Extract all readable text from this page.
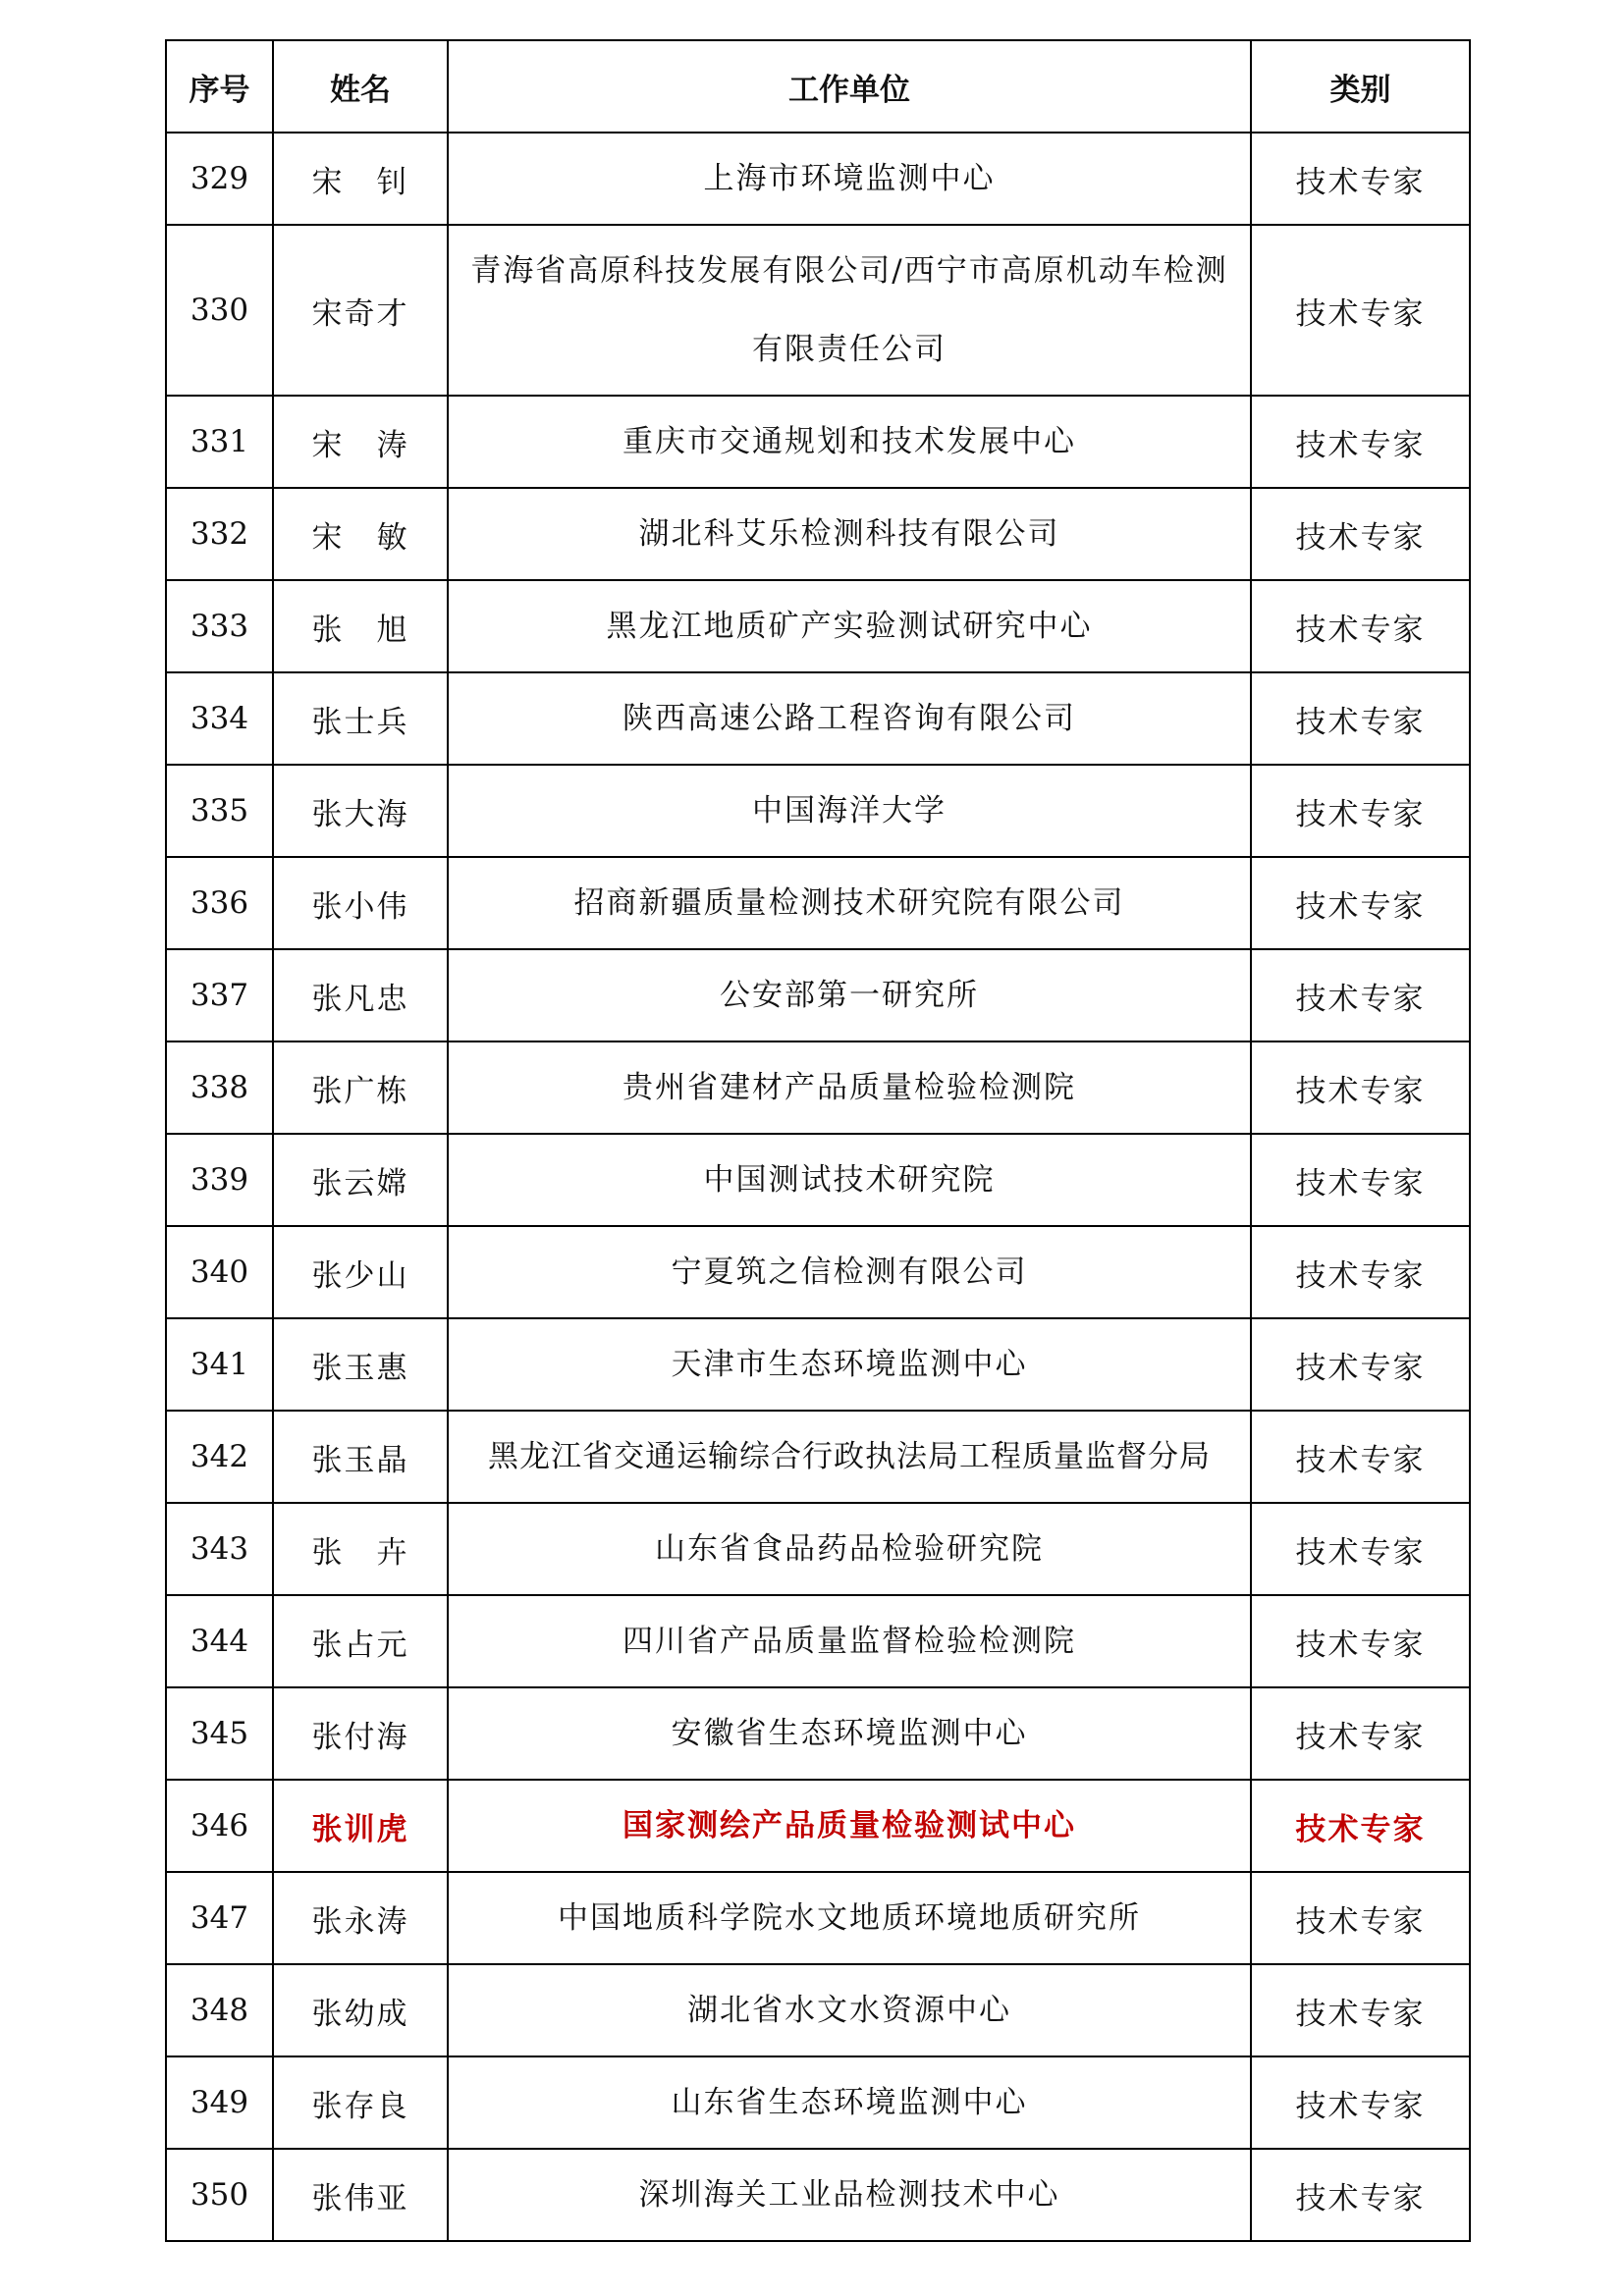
序号	姓名	工作单位	类别
329	宋　钊	上海市环境监测中心	技术专家
330	宋奇才	青海省高原科技发展有限公司/西宁市高原机动车检测有限责任公司	技术专家
331	宋　涛	重庆市交通规划和技术发展中心	技术专家
332	宋　敏	湖北科艾乐检测科技有限公司	技术专家
333	张　旭	黑龙江地质矿产实验测试研究中心	技术专家
334	张士兵	陕西高速公路工程咨询有限公司	技术专家
335	张大海	中国海洋大学	技术专家
336	张小伟	招商新疆质量检测技术研究院有限公司	技术专家
337	张凡忠	公安部第一研究所	技术专家
338	张广栋	贵州省建材产品质量检验检测院	技术专家
339	张云嫦	中国测试技术研究院	技术专家
340	张少山	宁夏筑之信检测有限公司	技术专家
341	张玉惠	天津市生态环境监测中心	技术专家
342	张玉晶	黑龙江省交通运输综合行政执法局工程质量监督分局	技术专家
343	张　卉	山东省食品药品检验研究院	技术专家
344	张占元	四川省产品质量监督检验检测院	技术专家
345	张付海	安徽省生态环境监测中心	技术专家
346	张训虎	国家测绘产品质量检验测试中心	技术专家
347	张永涛	中国地质科学院水文地质环境地质研究所	技术专家
348	张幼成	湖北省水文水资源中心	技术专家
349	张存良	山东省生态环境监测中心	技术专家
350	张伟亚	深圳海关工业品检测技术中心	技术专家
